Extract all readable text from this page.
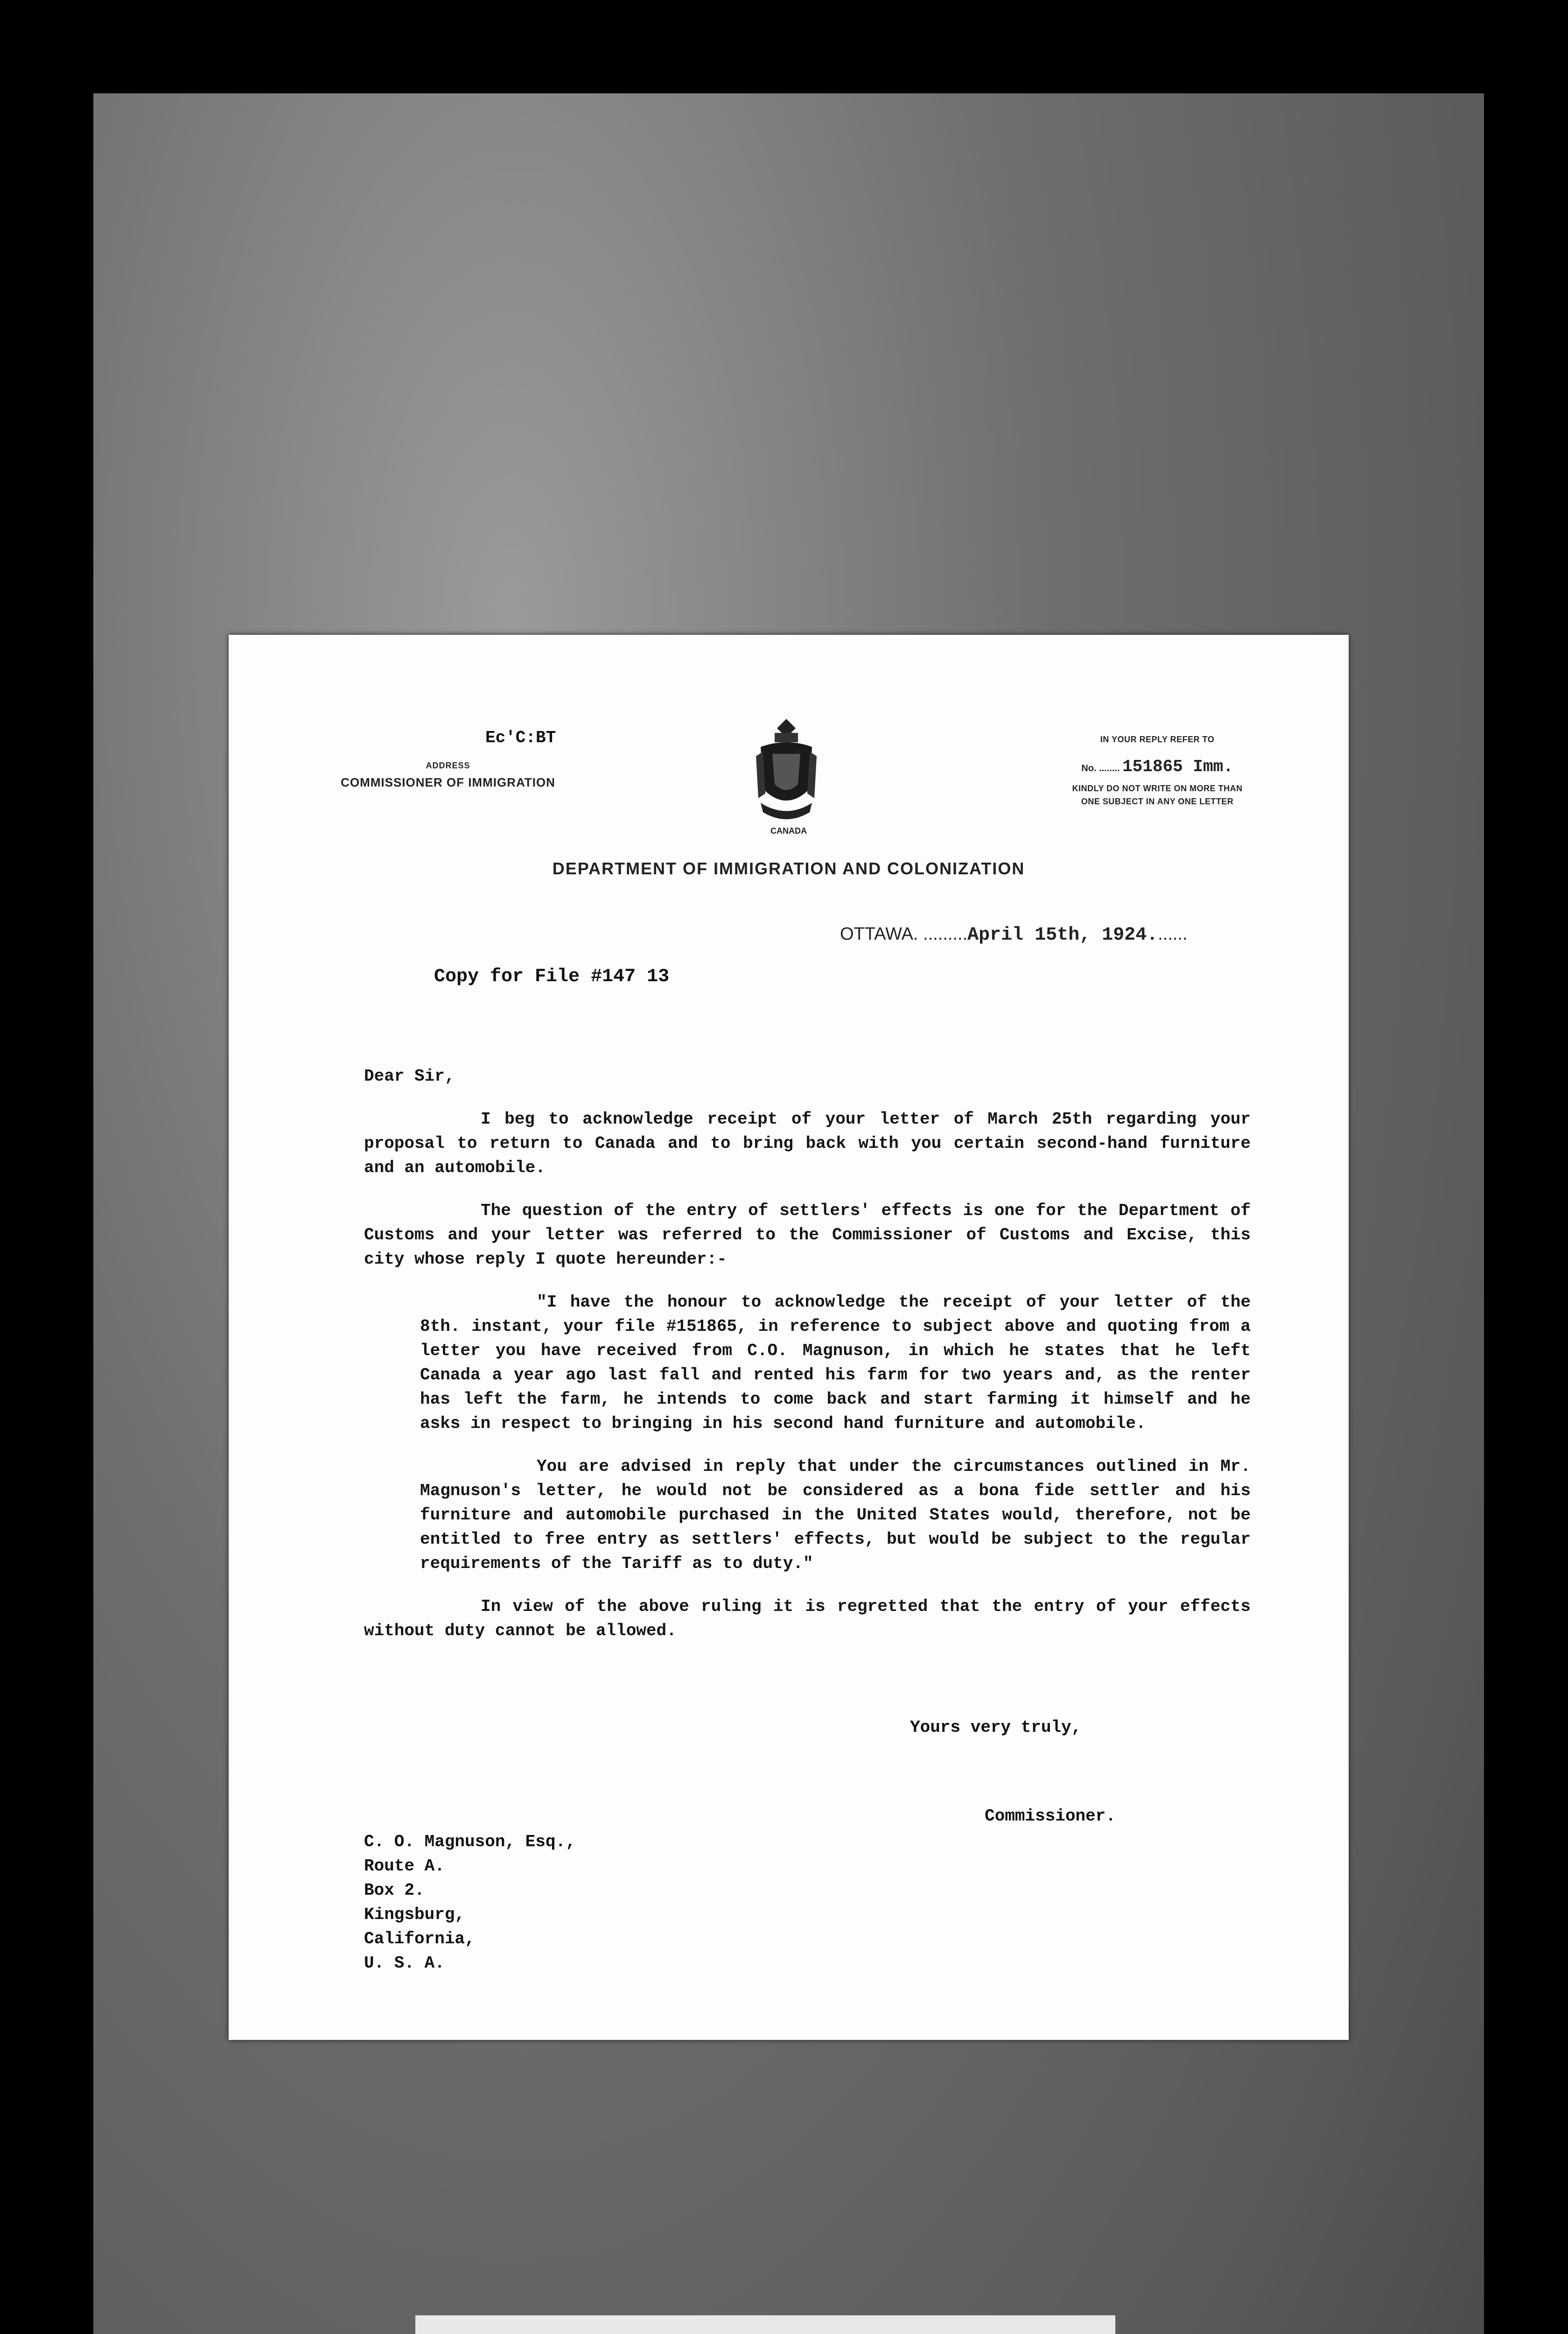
Ec'C:BT
ADDRESS
COMMISSIONER OF IMMIGRATION
CANADA
IN YOUR REPLY REFER TO
No. ........ 151865 Imm.
KINDLY DO NOT WRITE ON MORE THAN
ONE SUBJECT IN ANY ONE LETTER
DEPARTMENT OF IMMIGRATION AND COLONIZATION
OTTAWA. .........April 15th, 1924.......
Copy for File #147 13

Dear Sir,

I beg to acknowledge receipt of your letter of March 25th regarding your proposal to return to Canada and to bring back with you certain second-hand furniture and an automobile.

The question of the entry of settlers' effects is one for the Department of Customs and your letter was referred to the Commissioner of Customs and Excise, this city whose reply I quote hereunder:-

"I have the honour to acknowledge the receipt of your letter of the 8th. instant, your file #151865, in reference to subject above and quoting from a letter you have received from C.O. Magnuson, in which he states that he left Canada a year ago last fall and rented his farm for two years and, as the renter has left the farm, he intends to come back and start farming it himself and he asks in respect to bringing in his second hand furniture and automobile.

You are advised in reply that under the circumstances outlined in Mr. Magnuson's letter, he would not be considered as a bona fide settler and his furniture and automobile purchased in the United States would, therefore, not be entitled to free entry as settlers' effects, but would be subject to the regular requirements of the Tariff as to duty."

In view of the above ruling it is regretted that the entry of your effects without duty cannot be allowed.

Yours very truly,
Commissioner.
C. O. Magnuson, Esq.,
Route A.
Box 2.
Kingsburg,
California,
U. S. A.
